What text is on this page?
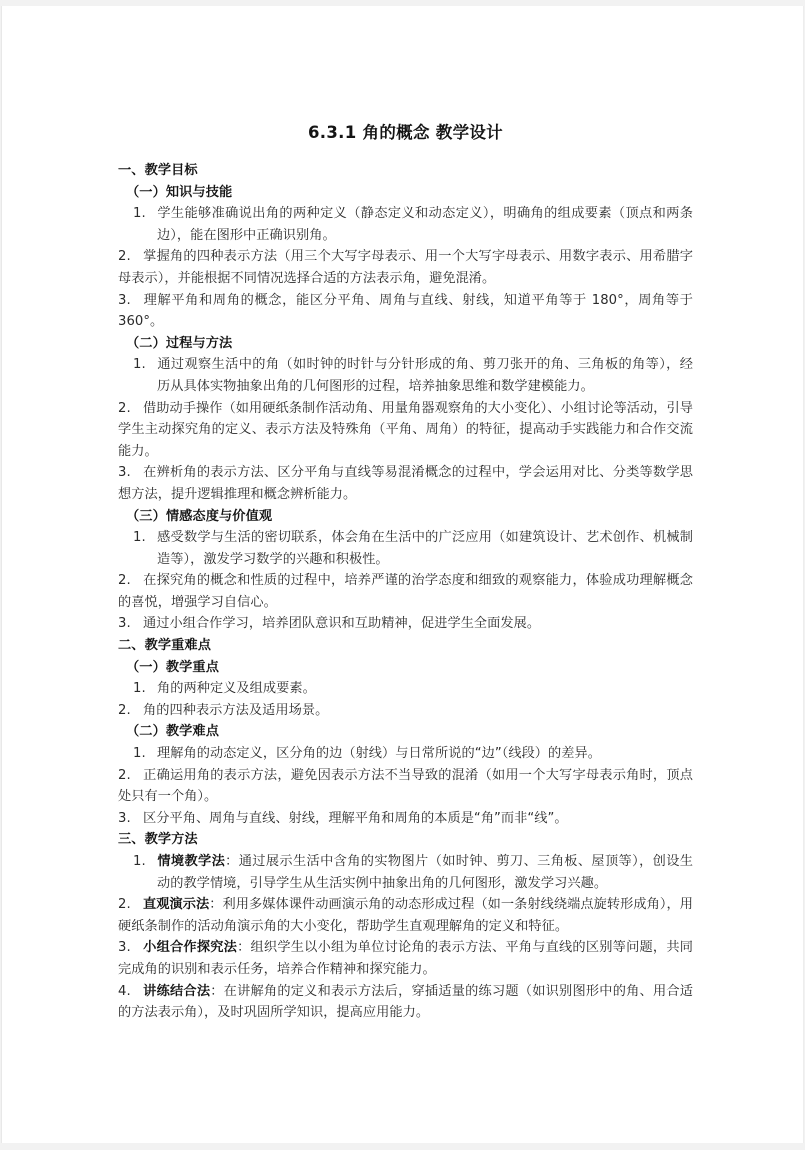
6.3.1 角的概念 教学设计
一、教学目标
（一）知识与技能
1. 学生能够准确说出角的两种定义（静态定义和动态定义），明确角的组成要素（顶点和两条边），能在图形中正确识别角。
2. 掌握角的四种表示方法（用三个大写字母表示、用一个大写字母表示、用数字表示、用希腊字母表示），并能根据不同情况选择合适的方法表示角，避免混淆。
3. 理解平角和周角的概念，能区分平角、周角与直线、射线，知道平角等于 180°，周角等于 360°。
（二）过程与方法
1. 通过观察生活中的角（如时钟的时针与分针形成的角、剪刀张开的角、三角板的角等），经历从具体实物抽象出角的几何图形的过程，培养抽象思维和数学建模能力。
2. 借助动手操作（如用硬纸条制作活动角、用量角器观察角的大小变化）、小组讨论等活动，引导学生主动探究角的定义、表示方法及特殊角（平角、周角）的特征，提高动手实践能力和合作交流能力。
3. 在辨析角的表示方法、区分平角与直线等易混淆概念的过程中，学会运用对比、分类等数学思想方法，提升逻辑推理和概念辨析能力。
（三）情感态度与价值观
1. 感受数学与生活的密切联系，体会角在生活中的广泛应用（如建筑设计、艺术创作、机械制造等），激发学习数学的兴趣和积极性。
2. 在探究角的概念和性质的过程中，培养严谨的治学态度和细致的观察能力，体验成功理解概念的喜悦，增强学习自信心。
3. 通过小组合作学习，培养团队意识和互助精神，促进学生全面发展。
二、教学重难点
（一）教学重点
1. 角的两种定义及组成要素。
2. 角的四种表示方法及适用场景。
（二）教学难点
1. 理解角的动态定义，区分角的边（射线）与日常所说的“边”（线段）的差异。
2. 正确运用角的表示方法，避免因表示方法不当导致的混淆（如用一个大写字母表示角时，顶点处只有一个角）。
3. 区分平角、周角与直线、射线，理解平角和周角的本质是“角”而非“线”。
三、教学方法
1. 情境教学法：通过展示生活中含角的实物图片（如时钟、剪刀、三角板、屋顶等），创设生动的教学情境，引导学生从生活实例中抽象出角的几何图形，激发学习兴趣。
2. 直观演示法：利用多媒体课件动画演示角的动态形成过程（如一条射线绕端点旋转形成角），用硬纸条制作的活动角演示角的大小变化，帮助学生直观理解角的定义和特征。
3. 小组合作探究法：组织学生以小组为单位讨论角的表示方法、平角与直线的区别等问题，共同完成角的识别和表示任务，培养合作精神和探究能力。
4. 讲练结合法：在讲解角的定义和表示方法后，穿插适量的练习题（如识别图形中的角、用合适的方法表示角），及时巩固所学知识，提高应用能力。
